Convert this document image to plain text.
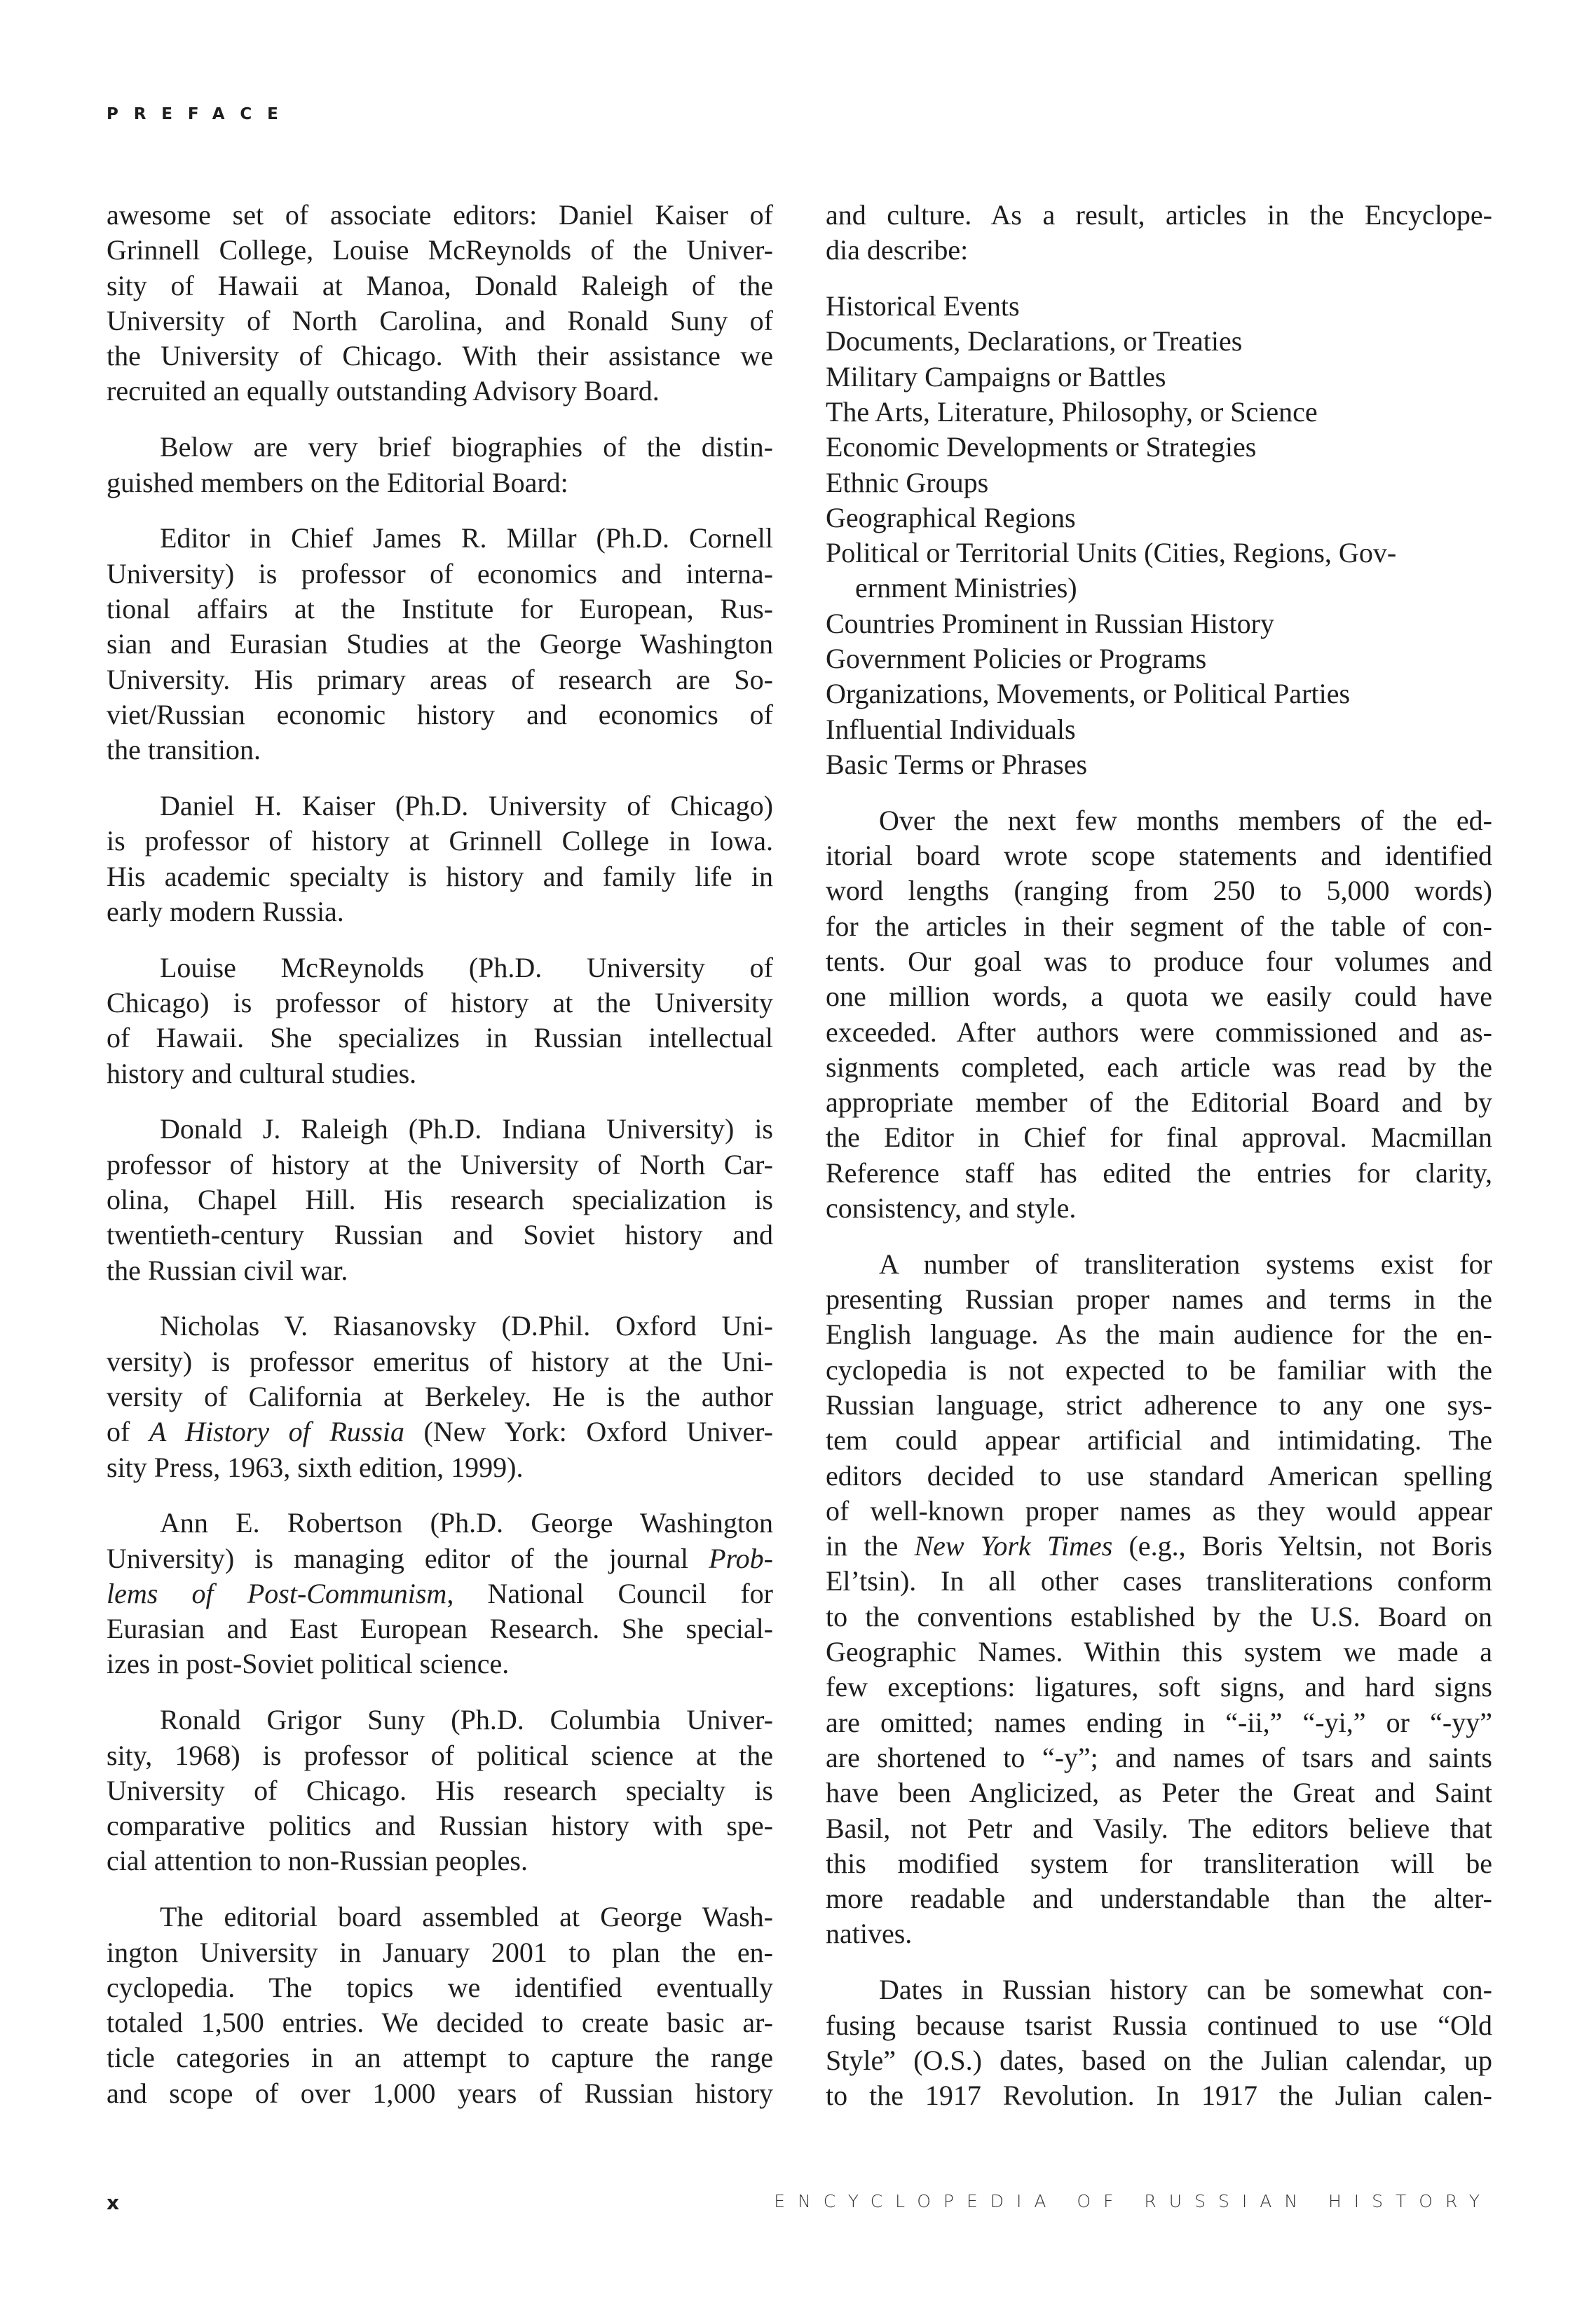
PREFACE
awesome set of associate editors: Daniel Kaiser of
Grinnell College, Louise McReynolds of the Univer-
sity of Hawaii at Manoa, Donald Raleigh of the
University of North Carolina, and Ronald Suny of
the University of Chicago. With their assistance we
recruited an equally outstanding Advisory Board.
Below are very brief biographies of the distin-
guished members on the Editorial Board:
Editor in Chief James R. Millar (Ph.D. Cornell
University) is professor of economics and interna-
tional affairs at the Institute for European, Rus-
sian and Eurasian Studies at the George Washington
University. His primary areas of research are So-
viet/Russian economic history and economics of
the transition.
Daniel H. Kaiser (Ph.D. University of Chicago)
is professor of history at Grinnell College in Iowa.
His academic specialty is history and family life in
early modern Russia.
Louise McReynolds (Ph.D. University of
Chicago) is professor of history at the University
of Hawaii. She specializes in Russian intellectual
history and cultural studies.
Donald J. Raleigh (Ph.D. Indiana University) is
professor of history at the University of North Car-
olina, Chapel Hill. His research specialization is
twentieth-century Russian and Soviet history and
the Russian civil war.
Nicholas V. Riasanovsky (D.Phil. Oxford Uni-
versity) is professor emeritus of history at the Uni-
versity of California at Berkeley. He is the author
of A History of Russia (New York: Oxford Univer-
sity Press, 1963, sixth edition, 1999).
Ann E. Robertson (Ph.D. George Washington
University) is managing editor of the journal Prob-
lems of Post-Communism, National Council for
Eurasian and East European Research. She special-
izes in post-Soviet political science.
Ronald Grigor Suny (Ph.D. Columbia Univer-
sity, 1968) is professor of political science at the
University of Chicago. His research specialty is
comparative politics and Russian history with spe-
cial attention to non-Russian peoples.
The editorial board assembled at George Wash-
ington University in January 2001 to plan the en-
cyclopedia. The topics we identified eventually
totaled 1,500 entries. We decided to create basic ar-
ticle categories in an attempt to capture the range
and scope of over 1,000 years of Russian history
and culture. As a result, articles in the Encyclope-
dia describe:
Historical Events
Documents, Declarations, or Treaties
Military Campaigns or Battles
The Arts, Literature, Philosophy, or Science
Economic Developments or Strategies
Ethnic Groups
Geographical Regions
Political or Territorial Units (Cities, Regions, Gov-
ernment Ministries)
Countries Prominent in Russian History
Government Policies or Programs
Organizations, Movements, or Political Parties
Influential Individuals
Basic Terms or Phrases
Over the next few months members of the ed-
itorial board wrote scope statements and identified
word lengths (ranging from 250 to 5,000 words)
for the articles in their segment of the table of con-
tents. Our goal was to produce four volumes and
one million words, a quota we easily could have
exceeded. After authors were commissioned and as-
signments completed, each article was read by the
appropriate member of the Editorial Board and by
the Editor in Chief for final approval. Macmillan
Reference staff has edited the entries for clarity,
consistency, and style.
A number of transliteration systems exist for
presenting Russian proper names and terms in the
English language. As the main audience for the en-
cyclopedia is not expected to be familiar with the
Russian language, strict adherence to any one sys-
tem could appear artificial and intimidating. The
editors decided to use standard American spelling
of well-known proper names as they would appear
in the New York Times (e.g., Boris Yeltsin, not Boris
El’tsin). In all other cases transliterations conform
to the conventions established by the U.S. Board on
Geographic Names. Within this system we made a
few exceptions: ligatures, soft signs, and hard signs
are omitted; names ending in “-ii,” “-yi,” or “-yy”
are shortened to “-y”; and names of tsars and saints
have been Anglicized, as Peter the Great and Saint
Basil, not Petr and Vasily. The editors believe that
this modified system for transliteration will be
more readable and understandable than the alter-
natives.
Dates in Russian history can be somewhat con-
fusing because tsarist Russia continued to use “Old
Style” (O.S.) dates, based on the Julian calendar, up
to the 1917 Revolution. In 1917 the Julian calen-
x	ENCYCLOPEDIA OF RUSSIAN HISTORY
